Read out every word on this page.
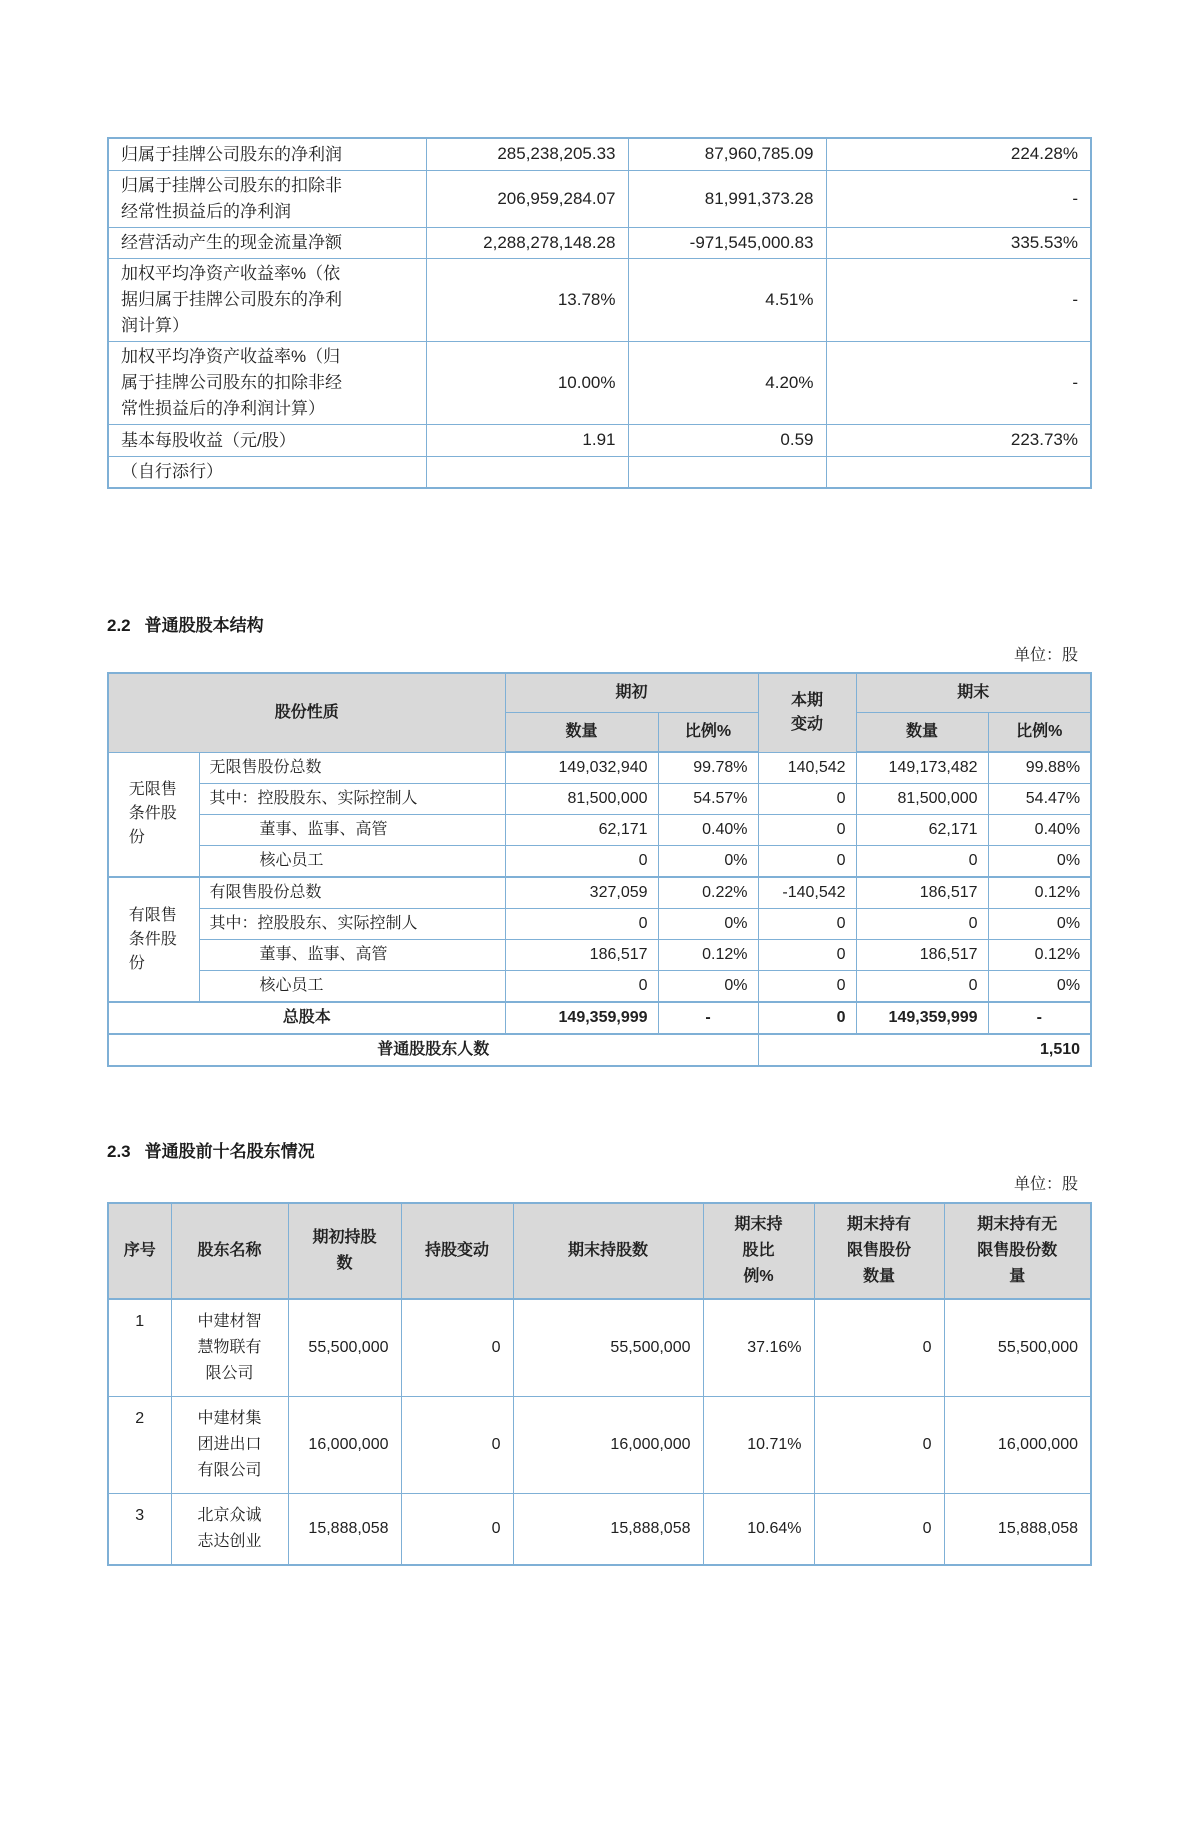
归属于挂牌公司股东的净利润	285,238,205.33	87,960,785.09	224.28%
归属于挂牌公司股东的扣除非经常性损益后的净利润	206,959,284.07	81,991,373.28	-
经营活动产生的现金流量净额	2,288,278,148.28	-971,545,000.83	335.53%
加权平均净资产收益率%（依据归属于挂牌公司股东的净利润计算）	13.78%	4.51%	-
加权平均净资产收益率%（归属于挂牌公司股东的扣除非经常性损益后的净利润计算）	10.00%	4.20%	-
基本每股收益（元/股）	1.91	0.59	223.73%
（自行添行）			
2.2 普通股股本结构
单位：股
股份性质		期初		本期变动	期末	
		数量	比例%		数量	比例%
无限售条件股份	无限售股份总数	149,032,940	99.78%	140,542	149,173,482	99.88%
	其中：控股股东、实际控制人	81,500,000	54.57%	0	81,500,000	54.47%
	董事、监事、高管	62,171	0.40%	0	62,171	0.40%
	核心员工	0	0%	0	0	0%
有限售条件股份	有限售股份总数	327,059	0.22%	-140,542	186,517	0.12%
	其中：控股股东、实际控制人	0	0%	0	0	0%
	董事、监事、高管	186,517	0.12%	0	186,517	0.12%
	核心员工	0	0%	0	0	0%
总股本		149,359,999	-	0	149,359,999	-
普通股股东人数				1,510		
2.3 普通股前十名股东情况
单位：股
序号	股东名称	期初持股数	持股变动	期末持股数	期末持股比例%	期末持有限售股份数量	期末持有无限售股份数量
1	中建材智慧物联有限公司	55,500,000	0	55,500,000	37.16%	0	55,500,000
2	中建材集团进出口有限公司	16,000,000	0	16,000,000	10.71%	0	16,000,000
3	北京众诚志达创业	15,888,058	0	15,888,058	10.64%	0	15,888,058
